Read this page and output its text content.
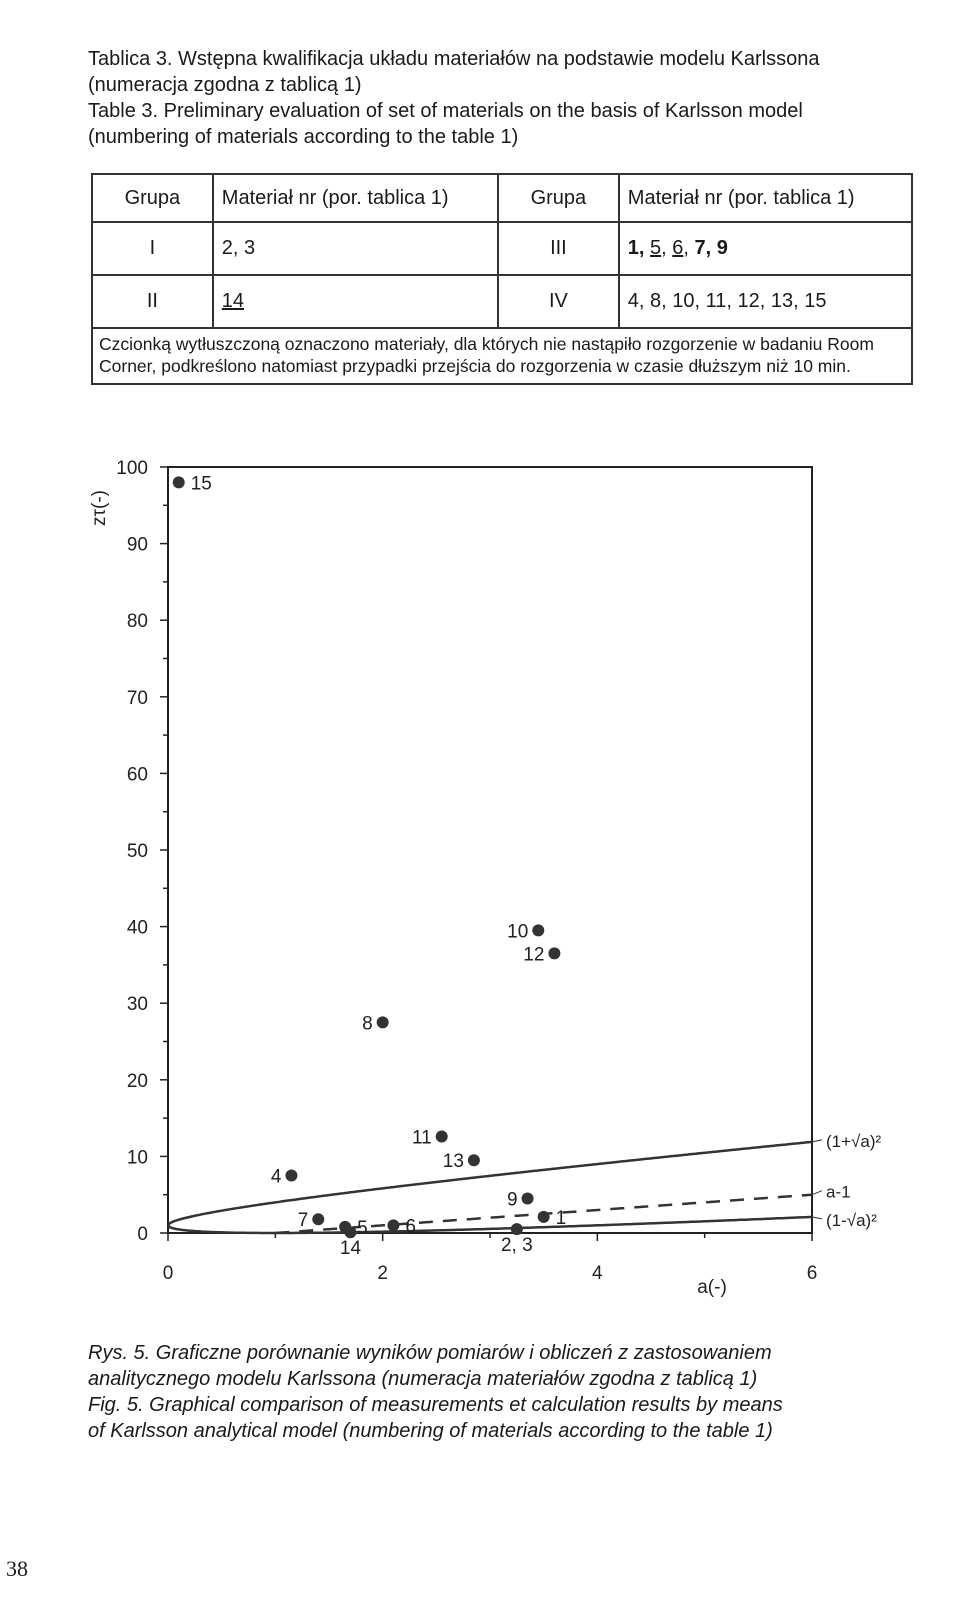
Tablica 3. Wstępna kwalifikacja układu materiałów na podstawie modelu Karlssona
(numeracja zgodna z tablicą 1)
Table 3. Preliminary evaluation of set of materials on the basis of Karlsson model
(numbering of materials according to the table 1)
Grupa	Materiał nr (por. tablica 1)	Grupa	Materiał nr (por. tablica 1)
I	2, 3	III	1, 5, 6, 7, 9
II	14	IV	4, 8, 10, 11, 12, 13, 15
Czcionką wytłuszczoną oznaczono materiały, dla których nie nastąpiło rozgorzenie w badaniu Room Corner, podkreślono natomiast przypadki przejścia do rozgorzenia w czasie dłuższym niż 10 min.			
0
10
20
30
40
50
60
70
80
90
100
0	2	4	6
a(-)
zτ(-)
(1+√a)²
a-1
(1-√a)²
15
10
12
8
11
13
4
9
1
7	5 6
14	2, 3
Rys. 5. Graficzne porównanie wyników pomiarów i obliczeń z zastosowaniem
analitycznego modelu Karlssona (numeracja materiałów zgodna z tablicą 1)
Fig. 5. Graphical comparison of measurements et calculation results by means
of Karlsson analytical model (numbering of materials according to the table 1)
38
